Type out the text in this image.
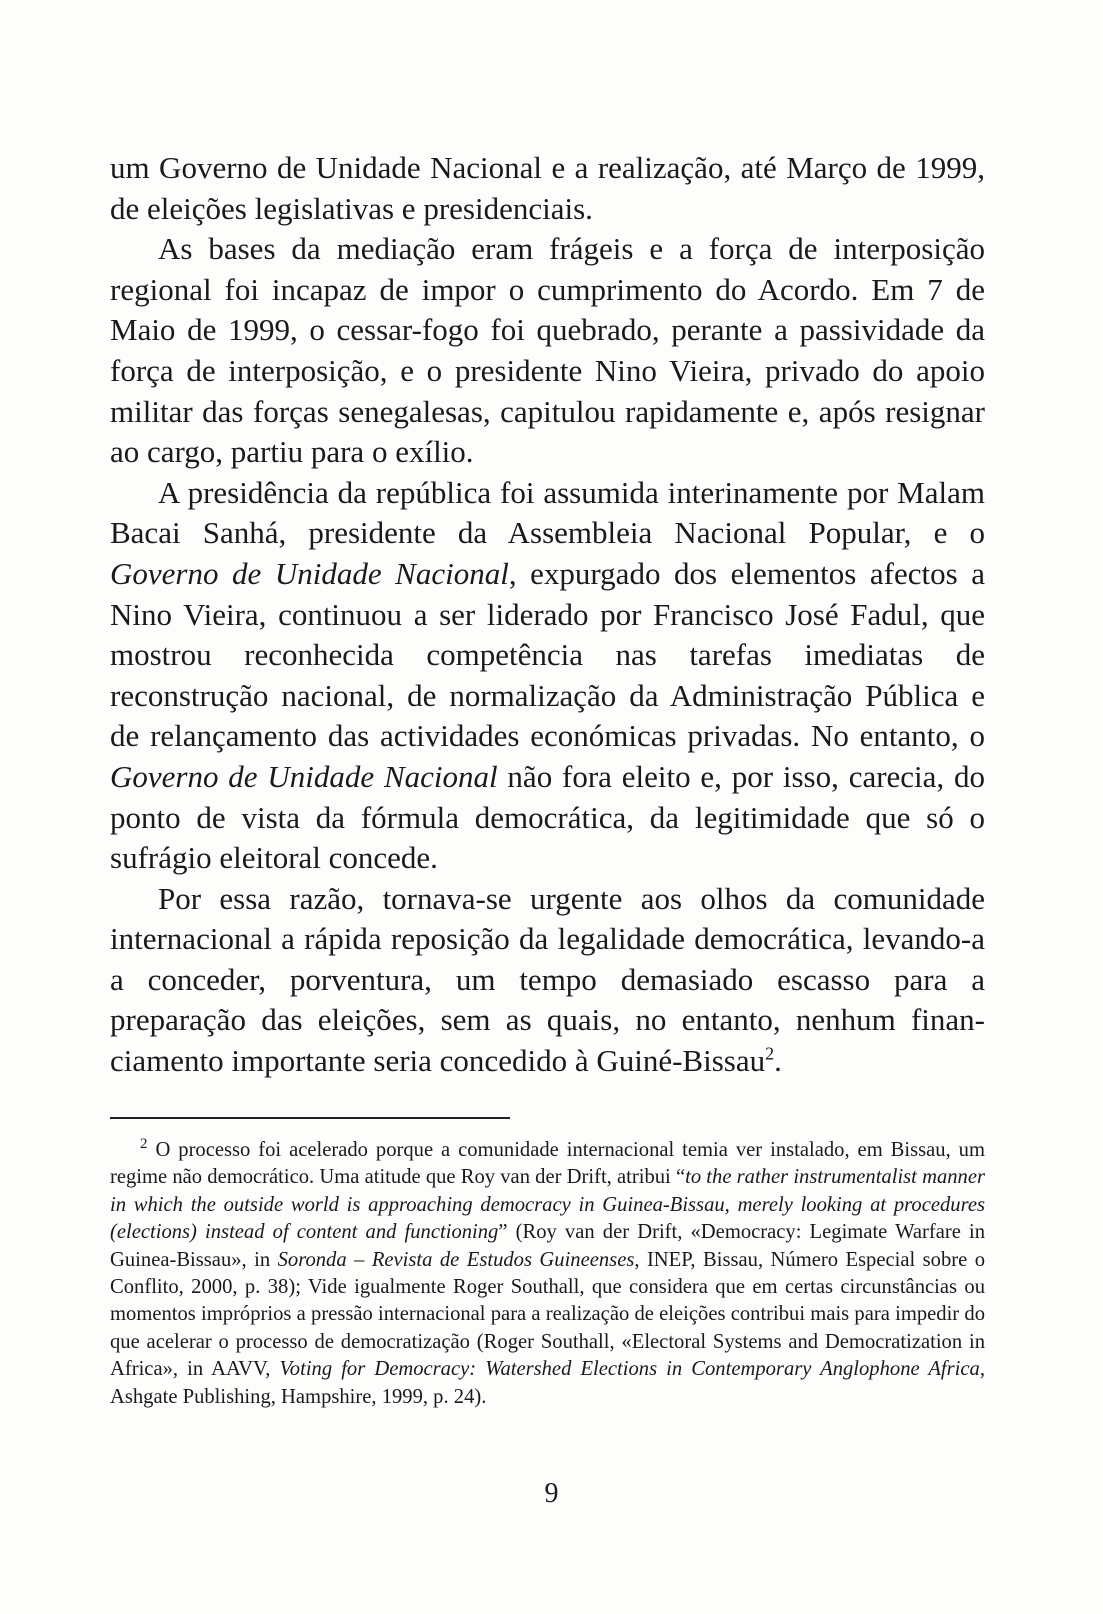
um Governo de Unidade Nacional e a realização, até Março de 1999, de eleições legislativas e presidenciais.

As bases da mediação eram frágeis e a força de interposição regional foi incapaz de impor o cumprimento do Acordo. Em 7 de Maio de 1999, o cessar-fogo foi quebrado, perante a passividade da força de interposição, e o presidente Nino Vieira, privado do apoio militar das forças senegalesas, capitulou rapidamente e, após resignar ao cargo, partiu para o exílio.

A presidência da república foi assumida interinamente por Malam Bacai Sanhá, presidente da Assembleia Nacional Popular, e o Governo de Unidade Nacional, expurgado dos elementos afectos a Nino Vieira, continuou a ser liderado por Francisco José Fadul, que mostrou reconhecida competência nas tarefas imediatas de reconstrução nacional, de normalização da Administração Pública e de relançamento das actividades económicas privadas. No entanto, o Governo de Unidade Nacional não fora eleito e, por isso, carecia, do ponto de vista da fórmula democrática, da legitimidade que só o sufrágio eleitoral concede.

Por essa razão, tornava-se urgente aos olhos da comunidade internacional a rápida reposição da legalidade democrática, levando-a a conceder, porventura, um tempo demasiado escasso para a preparação das eleições, sem as quais, no entanto, nenhum financiamento importante seria concedido à Guiné-Bissau$^2$.

$^2$ O processo foi acelerado porque a comunidade internacional temia ver instalado, em Bissau, um regime não democrático. Uma atitude que Roy van der Drift, atribui “to the rather instrumentalist manner in which the outside world is approaching democracy in Guinea-Bissau, merely looking at procedures (elections) instead of content and functioning” (Roy van der Drift, «Democracy: Legimate Warfare in Guinea-Bissau», in Soronda – Revista de Estudos Guineenses, INEP, Bissau, Número Especial sobre o Conflito, 2000, p. 38); Vide igualmente Roger Southall, que considera que em certas circunstâncias ou momentos impróprios a pressão internacional para a realização de eleições contribui mais para impedir do que acelerar o processo de democratização (Roger Southall, «Electoral Systems and Democratization in Africa», in AAVV, Voting for Democracy: Watershed Elections in Contemporary Anglophone Africa, Ashgate Publishing, Hampshire, 1999, p. 24).

9
